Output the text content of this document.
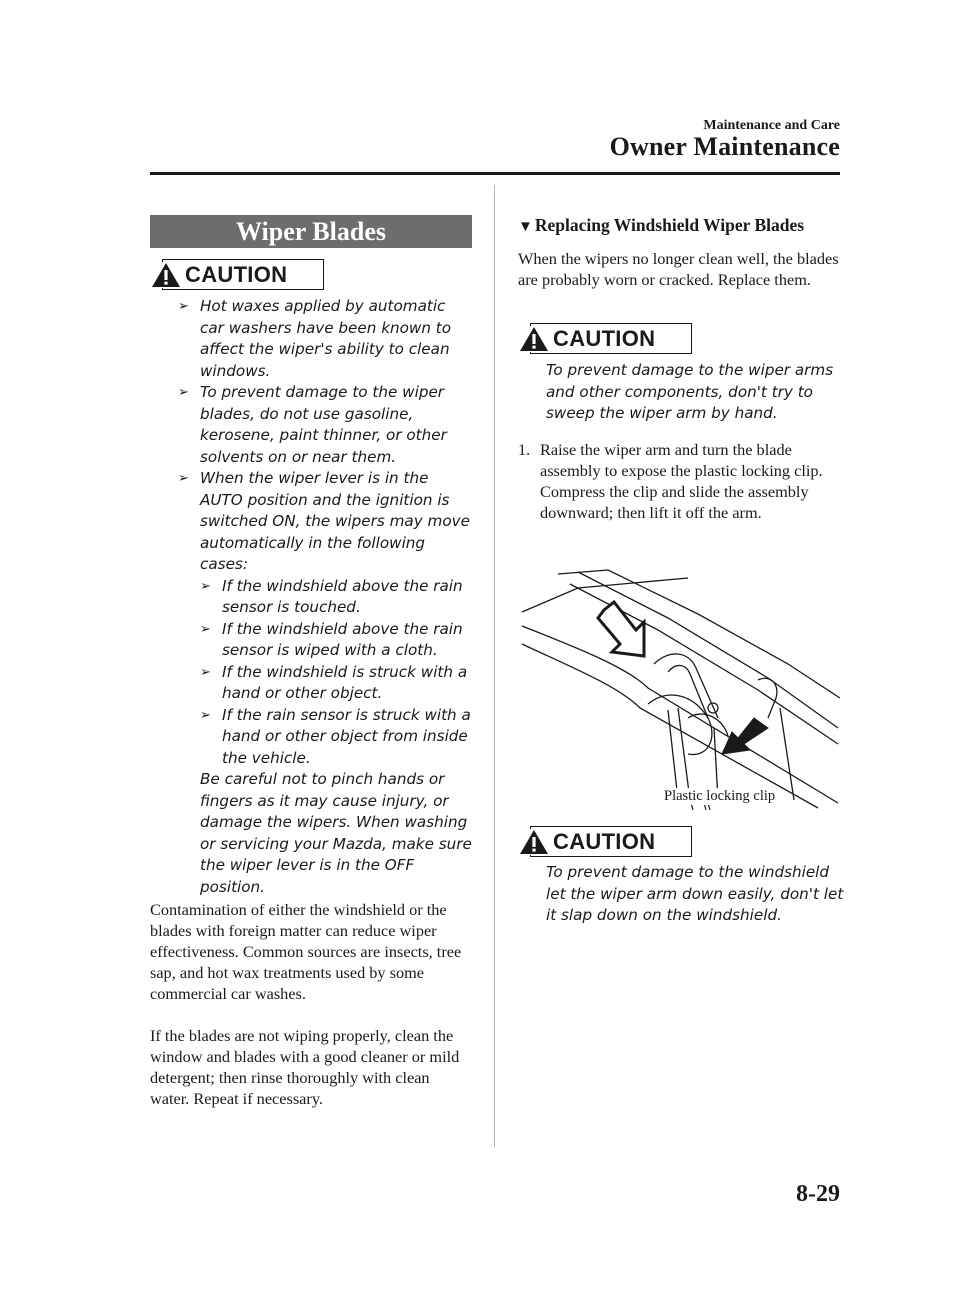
Maintenance and Care
Owner Maintenance
Wiper Blades
CAUTION
➢ Hot waxes applied by automatic car washers have been known to affect the wiper's ability to clean windows.
➢ To prevent damage to the wiper blades, do not use gasoline, kerosene, paint thinner, or other solvents on or near them.
➢ When the wiper lever is in the AUTO position and the ignition is switched ON, the wipers may move automatically in the following cases:
➢ If the windshield above the rain sensor is touched.
➢ If the windshield above the rain sensor is wiped with a cloth.
➢ If the windshield is struck with a hand or other object.
➢ If the rain sensor is struck with a hand or other object from inside the vehicle.
Be careful not to pinch hands or fingers as it may cause injury, or damage the wipers. When washing or servicing your Mazda, make sure the wiper lever is in the OFF position.
Contamination of either the windshield or the blades with foreign matter can reduce wiper effectiveness. Common sources are insects, tree sap, and hot wax treatments used by some commercial car washes.
If the blades are not wiping properly, clean the window and blades with a good cleaner or mild detergent; then rinse thoroughly with clean water. Repeat if necessary.
▼ Replacing Windshield Wiper Blades
When the wipers no longer clean well, the blades are probably worn or cracked. Replace them.
CAUTION
To prevent damage to the wiper arms and other components, don't try to sweep the wiper arm by hand.
1. Raise the wiper arm and turn the blade assembly to expose the plastic locking clip.
Compress the clip and slide the assembly downward; then lift it off the arm.
Plastic locking clip
CAUTION
To prevent damage to the windshield let the wiper arm down easily, don't let it slap down on the windshield.
8-29
